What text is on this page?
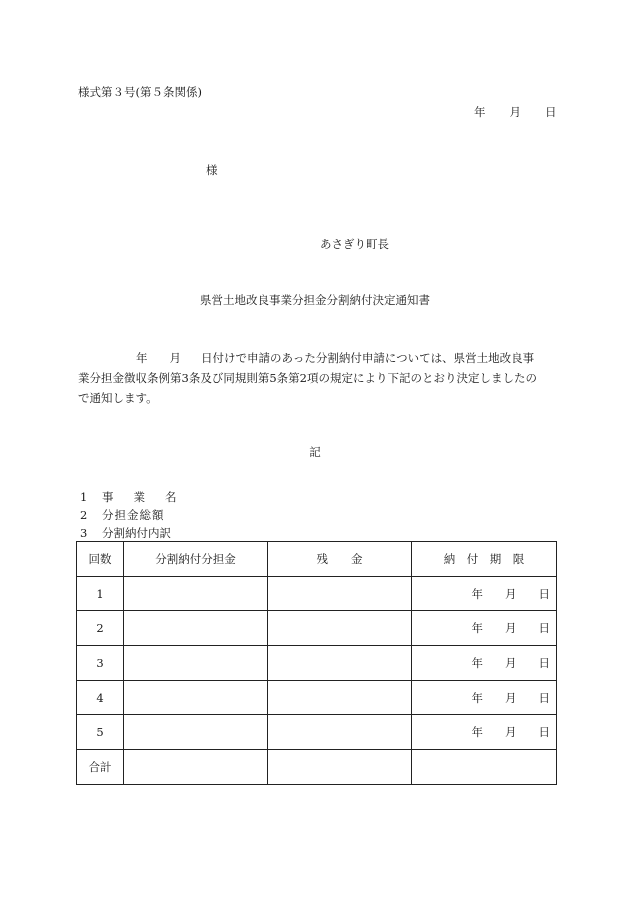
様式第３号(第５条関係)
年 月 日
様
あさぎり町長
県営土地改良事業分担金分割納付決定通知書
年 月 日付けで申請のあった分割納付申請については、県営土地改良事
業分担金徴収条例第3条及び同規則第5条第2項の規定により下記のとおり決定しましたの
で通知します。
記
1 事 業 名
2 分担金総額
3 分割納付内訳
回数	分割納付分担金	残　　金	納　付　期　限
1			年 月 日
2			年 月 日
3			年 月 日
4			年 月 日
5			年 月 日
合計			
